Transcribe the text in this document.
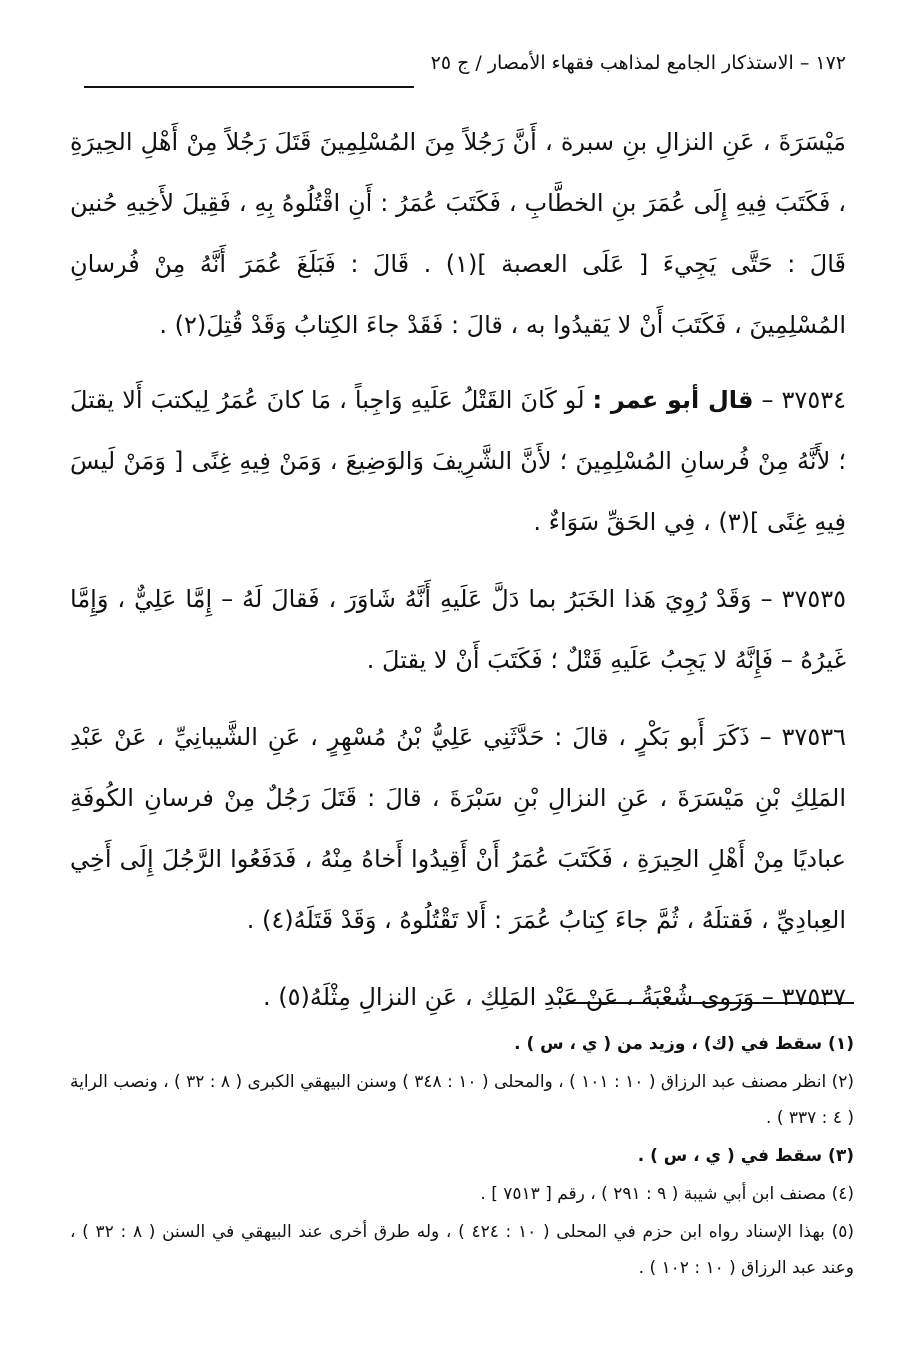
١٧٢ – الاستذكار الجامع لمذاهب فقهاء الأمصار / ج ٢٥

مَيْسَرَةَ ، عَنِ النزالِ بنِ سبرة ، أَنَّ رَجُلاً مِنَ المُسْلِمِينَ قَتَلَ رَجُلاً مِنْ أَهْلِ الحِيرَةِ ، فَكَتَبَ فِيهِ إِلَى عُمَرَ بنِ الخطَّابِ ، فَكَتَبَ عُمَرُ : أَنِ اقْتُلُوهُ بِهِ ، فَقِيلَ لأَخِيهِ حُنين قَالَ : حَتَّى يَجِيءَ [ عَلَى العصبة ](١) . قَالَ : فَبَلَغَ عُمَرَ أَنَّهُ مِنْ فُرسانِ المُسْلِمِينَ ، فَكَتَبَ أَنْ لا يَقيدُوا به ، قالَ : فَقَدْ جاءَ الكِتابُ وَقَدْ قُتِلَ(٢) .

٣٧٥٣٤ – قال أبو عمر : لَو كَانَ القَتْلُ عَلَيهِ وَاجِباً ، مَا كانَ عُمَرُ لِيكتبَ أَلا يقتلَ ؛ لأَنَّهُ مِنْ فُرسانِ المُسْلِمِينَ ؛ لأَنَّ الشَّرِيفَ وَالوَضِيعَ ، وَمَنْ فِيهِ غِنًى [ وَمَنْ لَيسَ فِيهِ غِنًى ](٣) ، فِي الحَقِّ سَوَاءٌ .

٣٧٥٣٥ – وَقَدْ رُوِيَ هَذا الخَبَرُ بما دَلَّ عَلَيهِ أَنَّهُ شَاوَرَ ، فَقالَ لَهُ – إِمَّا عَلِيٌّ ، وَإِمَّا غَيرُهُ – فَإِنَّهُ لا يَجِبُ عَلَيهِ قَتْلٌ ؛ فَكَتَبَ أَنْ لا يقتلَ .

٣٧٥٣٦ – ذَكَرَ أَبو بَكْرٍ ، قالَ : حَدَّثَنِي عَلِيُّ بْنُ مُسْهِرٍ ، عَنِ الشَّيبانِيِّ ، عَنْ عَبْدِ المَلِكِ بْنِ مَيْسَرَةَ ، عَنِ النزالِ بْنِ سَبْرَةَ ، قالَ : قَتَلَ رَجُلٌ مِنْ فرسانِ الكُوفَةِ عباديًا مِنْ أَهْلِ الحِيرَةِ ، فَكَتَبَ عُمَرُ أَنْ أَقِيدُوا أَخاهُ مِنْهُ ، فَدَفَعُوا الرَّجُلَ إِلَى أَخِي العِبادِيِّ ، فَقتلَهُ ، ثُمَّ جاءَ كِتابُ عُمَرَ : أَلا تَقْتُلُوهُ ، وَقَدْ قَتَلَهُ(٤) .

٣٧٥٣٧ – وَرَوى شُعْبَةُ ، عَنْ عَبْدِ المَلِكِ ، عَنِ النزالِ مِثْلَهُ(٥) .

(١) سقط في (ك) ، وزيد من ( ي ، س ) .

(٢) انظر مصنف عبد الرزاق ( ١٠ : ١٠١ ) ، والمحلى ( ١٠ : ٣٤٨ ) وسنن البيهقي الكبرى ( ٨ : ٣٢ ) ، ونصب الراية ( ٤ : ٣٣٧ ) .

(٣) سقط في ( ي ، س ) .

(٤) مصنف ابن أبي شيبة ( ٩ : ٢٩١ ) ، رقم [ ٧٥١٣ ] .

(٥) بهذا الإسناد رواه ابن حزم في المحلى ( ١٠ : ٤٢٤ ) ، وله طرق أخرى عند البيهقي في السنن ( ٨ : ٣٢ ) ، وعند عبد الرزاق ( ١٠ : ١٠٢ ) .
